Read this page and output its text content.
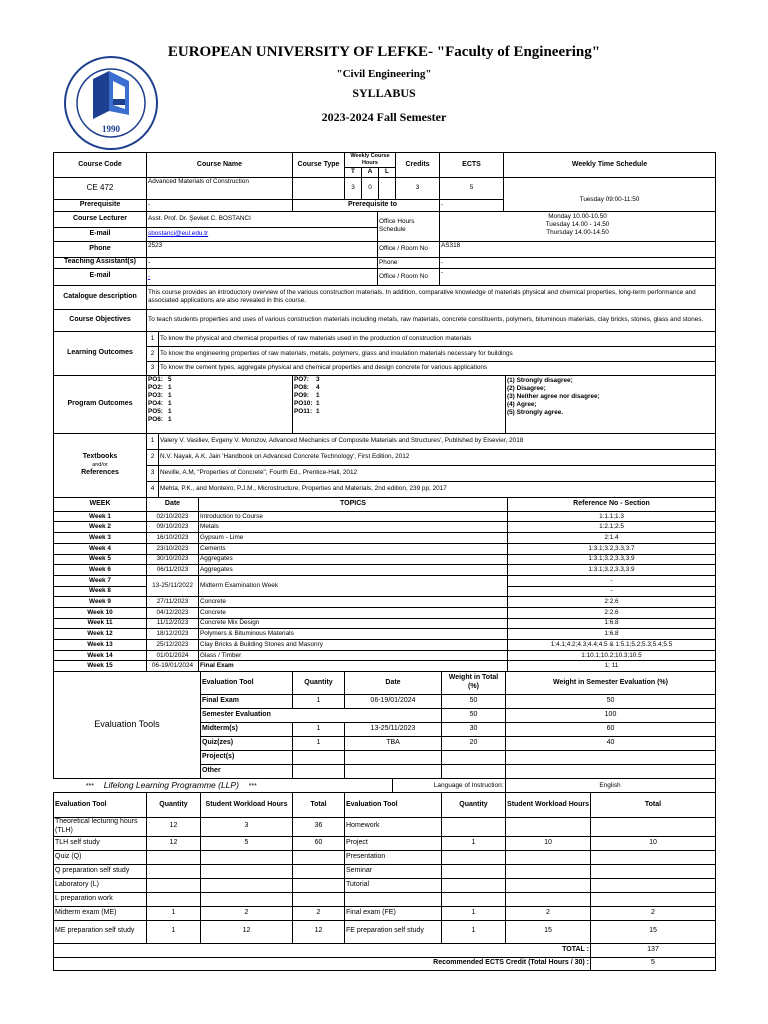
1990
EUROPEAN UNIVERSITY OF LEFKE- "Faculty of Engineering"
"Civil Engineering"
SYLLABUS
2023-2024 Fall Semester
Course Code	Course Name	Course Type	Weekly Course Hours			Credits	ECTS	Weekly Time Schedule
			T	A	L			
CE 472	Advanced Materials of Construction		3	0		3	5	Tuesday 09:00-11:50
Prerequisite	-	Prerequisite to					-	
Course Lecturer	Asst. Prof. Dr. Şevket C. BOSTANCI	Office Hours Schedule	Monday 10.00-10.50
Tuesday 14.00 - 14.50
Thursday 14.00-14.50

E-mail	sbostanci@eul.edu.tr		
Phone	2523	Office / Room No	AS318
Teaching Assistant(s)	-	Phone	-
E-mail	-	Office / Room No	-
Catalogue description	This course provides an introductory overview of the various construction materials. In addition, comparative knowledge of materials physical and chemical properties, long-term performance and associated applications are also revealed in this course.
Course Objectives	To teach students properties and uses of various construction materials including metals, raw materials, concrete constituents, polymers, bituminous materials, clay bricks, stones, glass and stones.
Learning Outcomes	1	To know the physical and chemical properties of raw materials used in the production of construction materials
	2	To know the engineering properties of raw materials, metals, polymers, glass and insulation materials necessary for buildings
	3	To know the cement types, aggregate physical and chemical properties and design concrete for various applications
Program Outcomes	
PO1:	5
PO2:	1
PO3:	1
PO4:	1
PO5:	1
PO6:	1

PO7:	3
PO8:	4
PO9:	1
PO10:	1
PO11:	1

(1) Strongly disagree;
(2) Disagree;
(3) Neither agree nor disagree;
(4) Agree;
(5) Strongly agree.
Textbooks
and/or
References	1	Valery V. Vasiliev, Evgeny V. Morozov, Advanced Mechanics of Composite Materials and Structures', Published by Elsevier, 2018
	2	N.V. Nayak, A.K. Jain 'Handbook on Advanced Concrete Technology', First Edition, 2012
	3	Neville, A.M, "Properties of Concrete", Fourth Ed., Prentice-Hall, 2012
	4	Mehta, P.K., and Monteiro, P.J.M., Microstructure, Properties and Materials, 2nd edition, 239 pp, 2017
WEEK	Date	TOPICS	Reference No - Section
Week 1	02/10/2023	Introduction to Course	1:1.1;1.3
Week 2	09/10/2023	Metals	1:2.1;2.5
Week 3	16/10/2023	Gypsum - Lime	2:1.4
Week 4	23/10/2023	Cements	1:3.1;3.2,3.3,3.7
Week 5	30/10/2023	Aggregates	1:3.1;3.2,3.3,3.9
Week 6	06/11/2023	Aggregates	1:3.1;3.2,3.3,3.9
Week 7	13-25/11/2022	Midterm Examination Week	-
Week 8			-
Week 9	27/11/2023	Concrete	2:2.6
Week 10	04/12/2023	Concrete	2:2.6
Week 11	11/12/2023	Concrete Mix Design	1:6.8
Week 12	18/12/2023	Polymers & Bituminous Materials	1:6.8
Week 13	25/12/2023	Clay Bricks & Building Stones and Masonry	1:4.1;4.2;4.3;4.4;4.5 & 1:5.1;5.2;5.3;5.4;5.5
Week 14	01/01/2024	Glass / Timber	1:10.1;10.2;10.3;10.5
Week 15	06-19/01/2024	Final Exam	1; 11
Evaluation Tools	Evaluation Tool	Quantity	Date	Weight in Total (%)	Weight in Semester Evaluation (%)
	Final Exam	1	06-19/01/2024	50	50
	Semester Evaluation			50	100
	Midterm(s)	1	13-25/11/2023	30	60
	Quiz(zes)	1	TBA	20	40
	Project(s)				
	Other				
*** Lifelong Learning Programme (LLP) ***	Language of Instruction:	English
Evaluation Tool	Quantity	Student Workload Hours	Total	Evaluation Tool	Quantity	Student Workload Hours	Total
Theoretical lecturing hours (TLH)	12	3	36	Homework			
TLH self study	12	5	60	Project	1	10	10
Quiz (Q)				Presentation			
Q preparation self study				Seminar			
Laboratory (L)				Tutorial			
L preparation work							
Midterm exam (ME)	1	2	2	Final exam (FE)	1	2	2
ME preparation self study	1	12	12	FE preparation self study	1	15	15
						TOTAL :	137
Recommended ECTS Credit (Total Hours / 30) :							5
